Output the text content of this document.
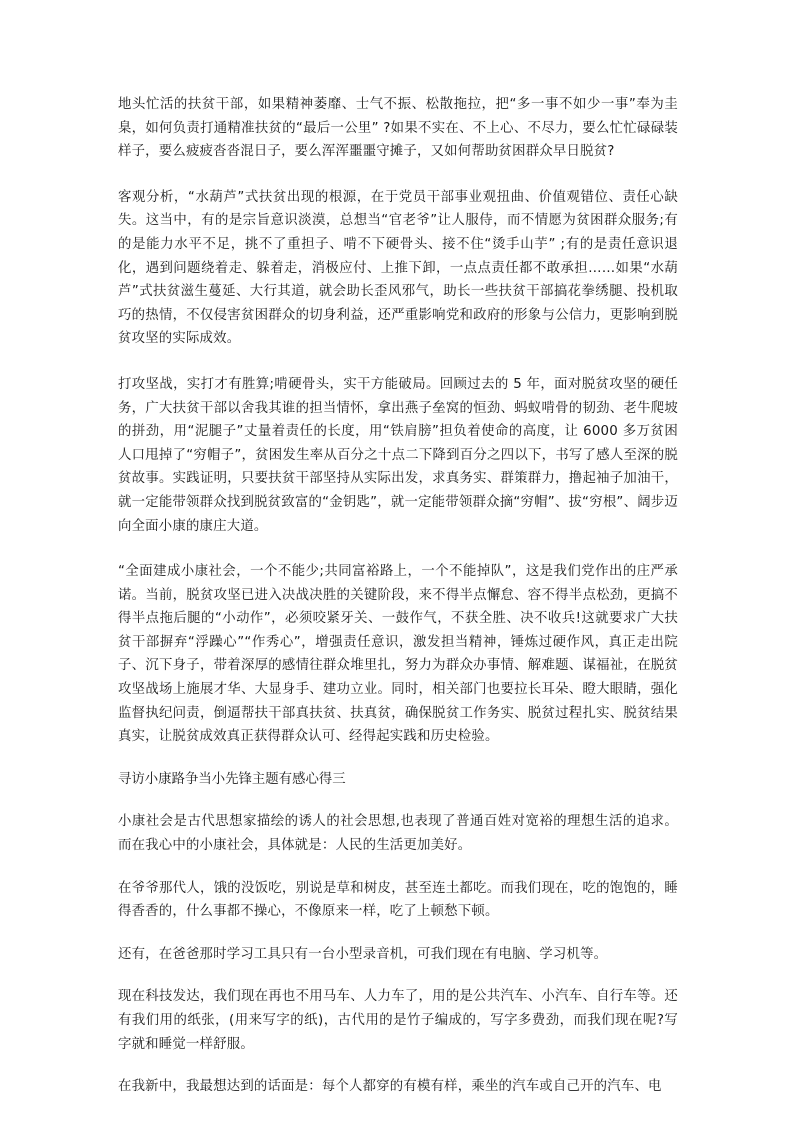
地头忙活的扶贫干部，如果精神萎靡、士气不振、松散拖拉，把“多一事不如少一事”奉为圭臬，如何负责打通精准扶贫的“最后一公里” ?如果不实在、不上心、不尽力，要么忙忙碌碌装样子，要么疲疲沓沓混日子，要么浑浑噩噩守摊子，又如何帮助贫困群众早日脱贫?

客观分析，“水葫芦”式扶贫出现的根源，在于党员干部事业观扭曲、价值观错位、责任心缺失。这当中，有的是宗旨意识淡漠，总想当“官老爷”让人服侍，而不情愿为贫困群众服务;有的是能力水平不足，挑不了重担子、啃不下硬骨头、接不住“烫手山芋” ;有的是责任意识退化，遇到问题绕着走、躲着走，消极应付、上推下卸，一点点责任都不敢承担……如果“水葫芦”式扶贫滋生蔓延、大行其道，就会助长歪风邪气，助长一些扶贫干部搞花拳绣腿、投机取巧的热情，不仅侵害贫困群众的切身利益，还严重影响党和政府的形象与公信力，更影响到脱贫攻坚的实际成效。

打攻坚战，实打才有胜算;啃硬骨头，实干方能破局。回顾过去的 5 年，面对脱贫攻坚的硬任务，广大扶贫干部以舍我其谁的担当情怀，拿出燕子垒窝的恒劲、蚂蚁啃骨的韧劲、老牛爬坡的拼劲，用“泥腿子”丈量着责任的长度，用“铁肩膀”担负着使命的高度，让 6000 多万贫困人口甩掉了“穷帽子”，贫困发生率从百分之十点二下降到百分之四以下，书写了感人至深的脱贫故事。实践证明，只要扶贫干部坚持从实际出发，求真务实、群策群力，撸起袖子加油干，就一定能带领群众找到脱贫致富的“金钥匙”，就一定能带领群众摘“穷帽”、拔“穷根”、阔步迈向全面小康的康庄大道。

“全面建成小康社会，一个不能少;共同富裕路上，一个不能掉队”，这是我们党作出的庄严承诺。当前，脱贫攻坚已进入决战决胜的关键阶段，来不得半点懈怠、容不得半点松劲，更搞不得半点拖后腿的“小动作”，必须咬紧牙关、一鼓作气，不获全胜、决不收兵!这就要求广大扶贫干部摒弃“浮躁心”“作秀心”，增强责任意识，激发担当精神，锤炼过硬作风，真正走出院子、沉下身子，带着深厚的感情往群众堆里扎，努力为群众办事情、解难题、谋福祉，在脱贫攻坚战场上施展才华、大显身手、建功立业。同时，相关部门也要拉长耳朵、瞪大眼睛，强化监督执纪问责，倒逼帮扶干部真扶贫、扶真贫，确保脱贫工作务实、脱贫过程扎实、脱贫结果真实，让脱贫成效真正获得群众认可、经得起实践和历史检验。

寻访小康路争当小先锋主题有感心得三

小康社会是古代思想家描绘的诱人的社会思想,也表现了普通百姓对宽裕的理想生活的追求。而在我心中的小康社会，具体就是：人民的生活更加美好。

在爷爷那代人，饿的没饭吃，别说是草和树皮，甚至连土都吃。而我们现在，吃的饱饱的，睡得香香的，什么事都不操心，不像原来一样，吃了上顿愁下顿。

还有，在爸爸那时学习工具只有一台小型录音机，可我们现在有电脑、学习机等。

现在科技发达，我们现在再也不用马车、人力车了，用的是公共汽车、小汽车、自行车等。还有我们用的纸张，(用来写字的纸)，古代用的是竹子编成的，写字多费劲，而我们现在呢?写字就和睡觉一样舒服。

在我新中，我最想达到的话面是：每个人都穿的有模有样，乘坐的汽车或自己开的汽车、电
